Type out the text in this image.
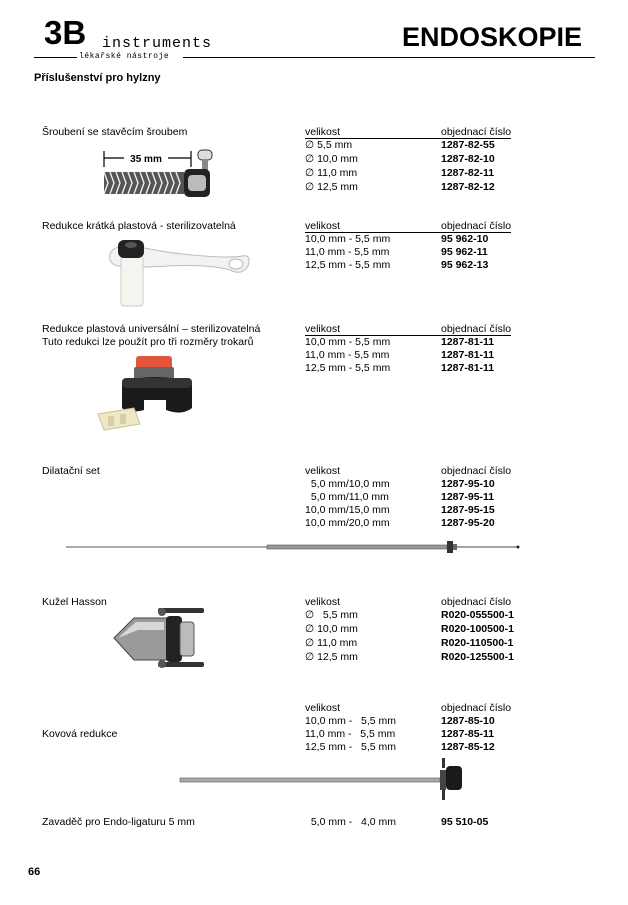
3B instruments
lékařské nástroje
ENDOSKOPIE
Příslušenství pro hylzny
Šroubení se stavěcím šroubem	velikost	objednací číslo
∅ 5,5 mm	1287-82-55
∅ 10,0 mm	1287-82-10
∅ 11,0 mm	1287-82-11
∅ 12,5 mm	1287-82-12
35 mm
Redukce krátká plastová - sterilizovatelná	velikost	objednací číslo
10,0 mm - 5,5 mm	95 962-10
11,0 mm - 5,5 mm	95 962-11
12,5 mm - 5,5 mm	95 962-13
Redukce plastová universální – sterilizovatelná
Tuto redukci lze použít pro tři rozměry trokarů
velikost	objednací číslo
10,0 mm - 5,5 mm	1287-81-11
11,0 mm - 5,5 mm	1287-81-11
12,5 mm - 5,5 mm	1287-81-11
Dilatační set	velikost	objednací číslo
5,0 mm/10,0 mm	1287-95-10
5,0 mm/11,0 mm	1287-95-11
10,0 mm/15,0 mm	1287-95-15
10,0 mm/20,0 mm	1287-95-20
Kužel Hasson	velikost	objednací číslo
∅   5,5 mm	R020-055500-1
∅ 10,0 mm	R020-100500-1
∅ 11,0 mm	R020-110500-1
∅ 12,5 mm	R020-125500-1
velikost	objednací číslo
10,0 mm -   5,5 mm	1287-85-10
Kovová redukce	11,0 mm -   5,5 mm	1287-85-11
12,5 mm -   5,5 mm	1287-85-12
Zavaděč pro Endo-ligaturu 5 mm	5,0 mm -   4,0 mm	95 510-05
66
